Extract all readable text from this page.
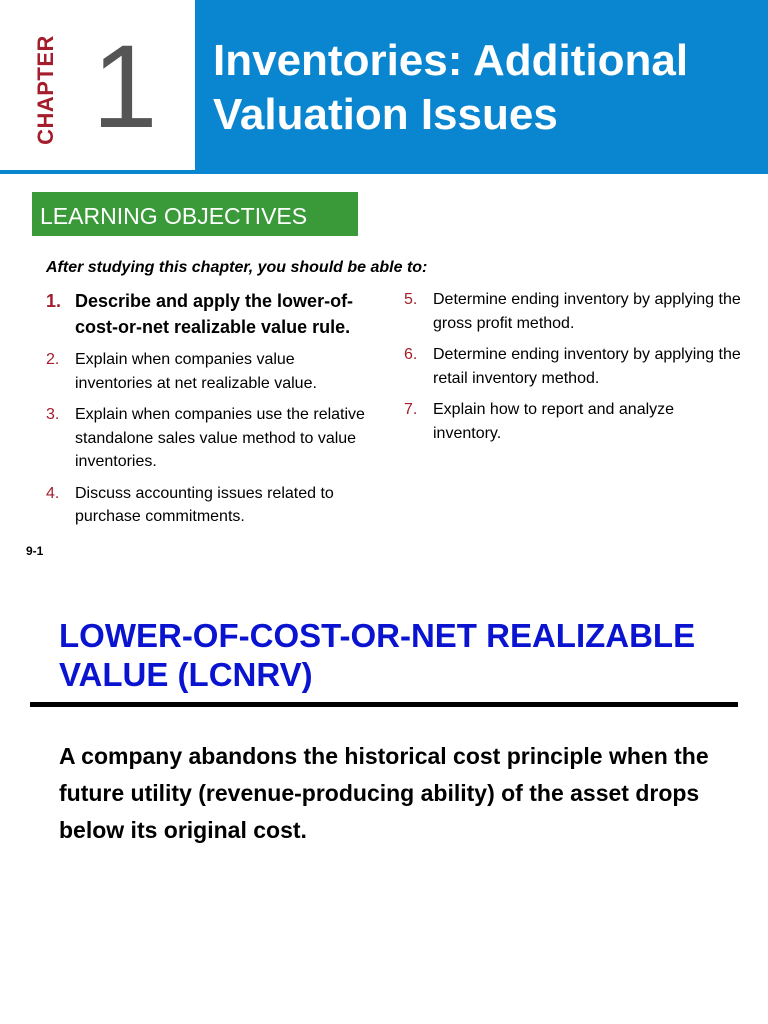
CHAPTER 1 Inventories: Additional Valuation Issues
LEARNING OBJECTIVES
After studying this chapter, you should be able to:
1. Describe and apply the lower-of-cost-or-net realizable value rule.
2. Explain when companies value inventories at net realizable value.
3. Explain when companies use the relative standalone sales value method to value inventories.
4. Discuss accounting issues related to purchase commitments.
5. Determine ending inventory by applying the gross profit method.
6. Determine ending inventory by applying the retail inventory method.
7. Explain how to report and analyze inventory.
9-1
LOWER-OF-COST-OR-NET REALIZABLE VALUE (LCNRV)
A company abandons the historical cost principle when the future utility (revenue-producing ability) of the asset drops below its original cost.
